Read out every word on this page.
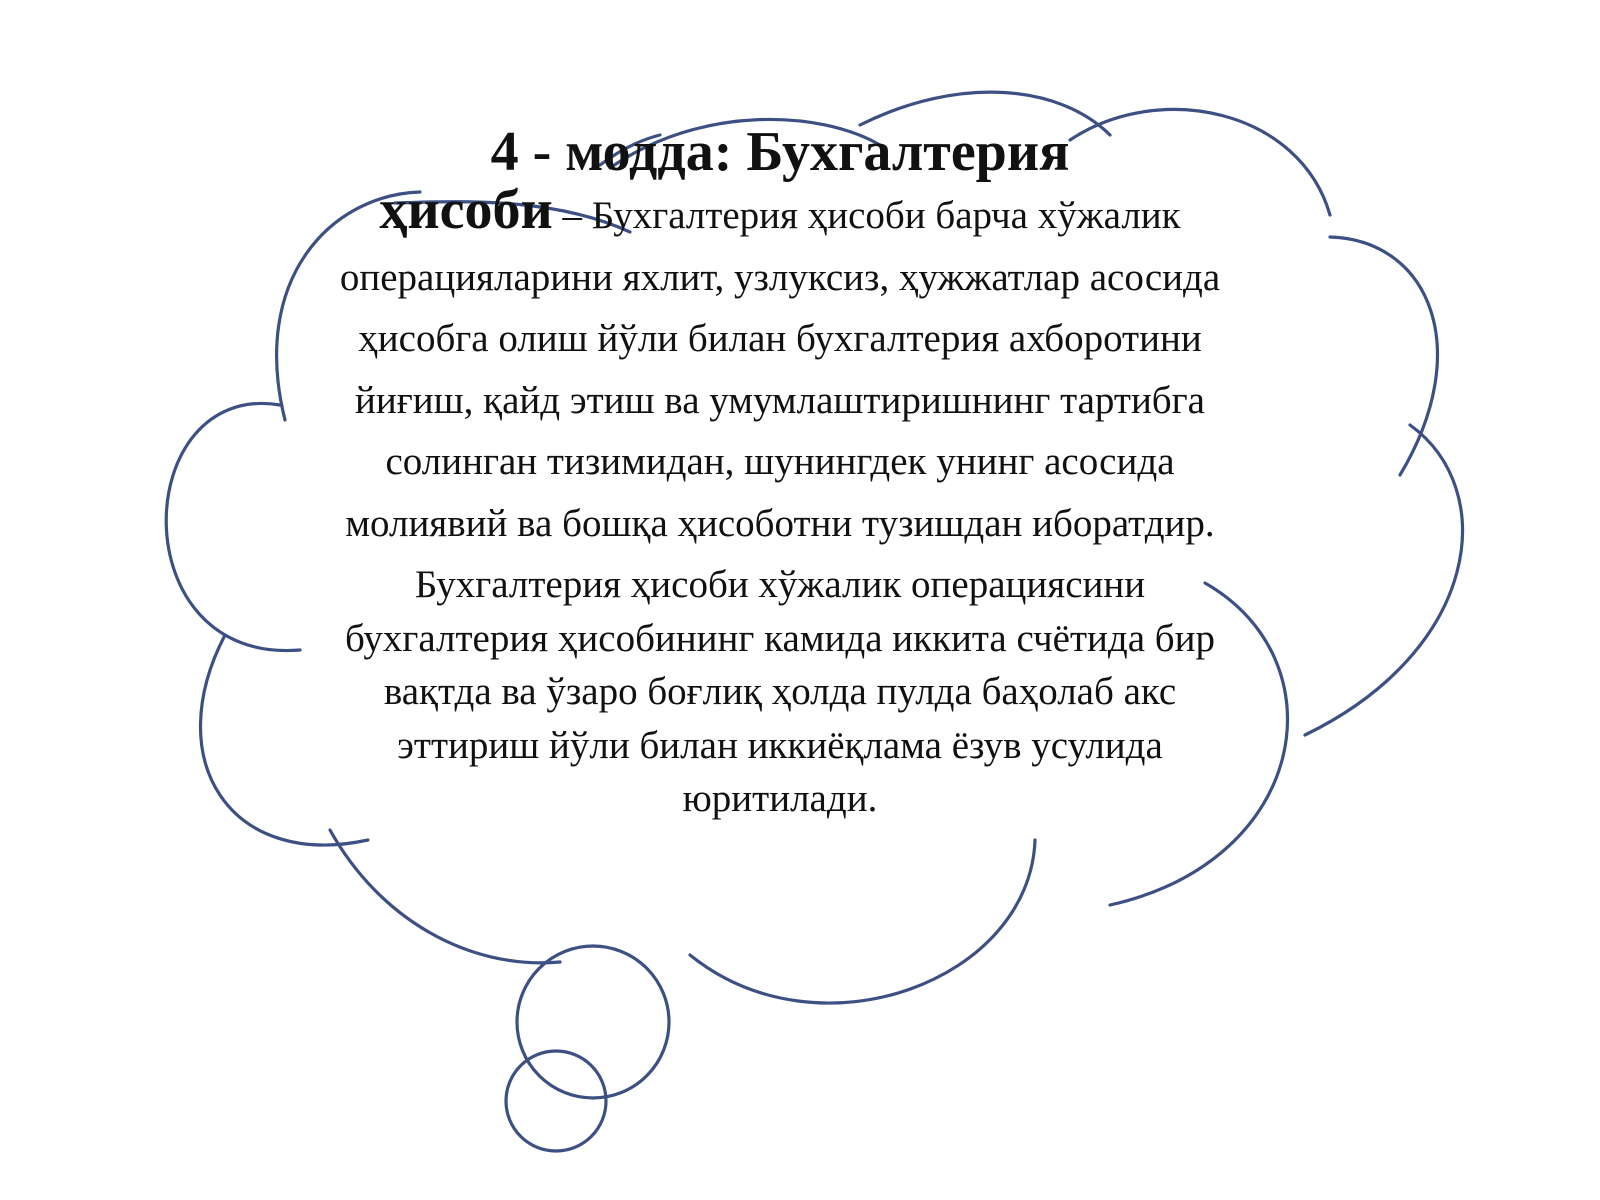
4 - модда: Бухгалтерия

ҳисоби – Бухгалтерия ҳисоби барча хўжалик операцияларини яхлит, узлуксиз, ҳужжатлар асосида ҳисобга олиш йўли билан бухгалтерия ахборотини йиғиш, қайд этиш ва умумлаштиришнинг тартибга солинган тизимидан, шунингдек унинг асосида молиявий ва бошқа ҳисоботни тузишдан иборатдир.

Бухгалтерия ҳисоби хўжалик операциясини бухгалтерия ҳисобининг камида иккита счётида бир вақтда ва ўзаро боғлиқ ҳолда пулда баҳолаб акс эттириш йўли билан иккиёқлама ёзув усулида юритилади.
